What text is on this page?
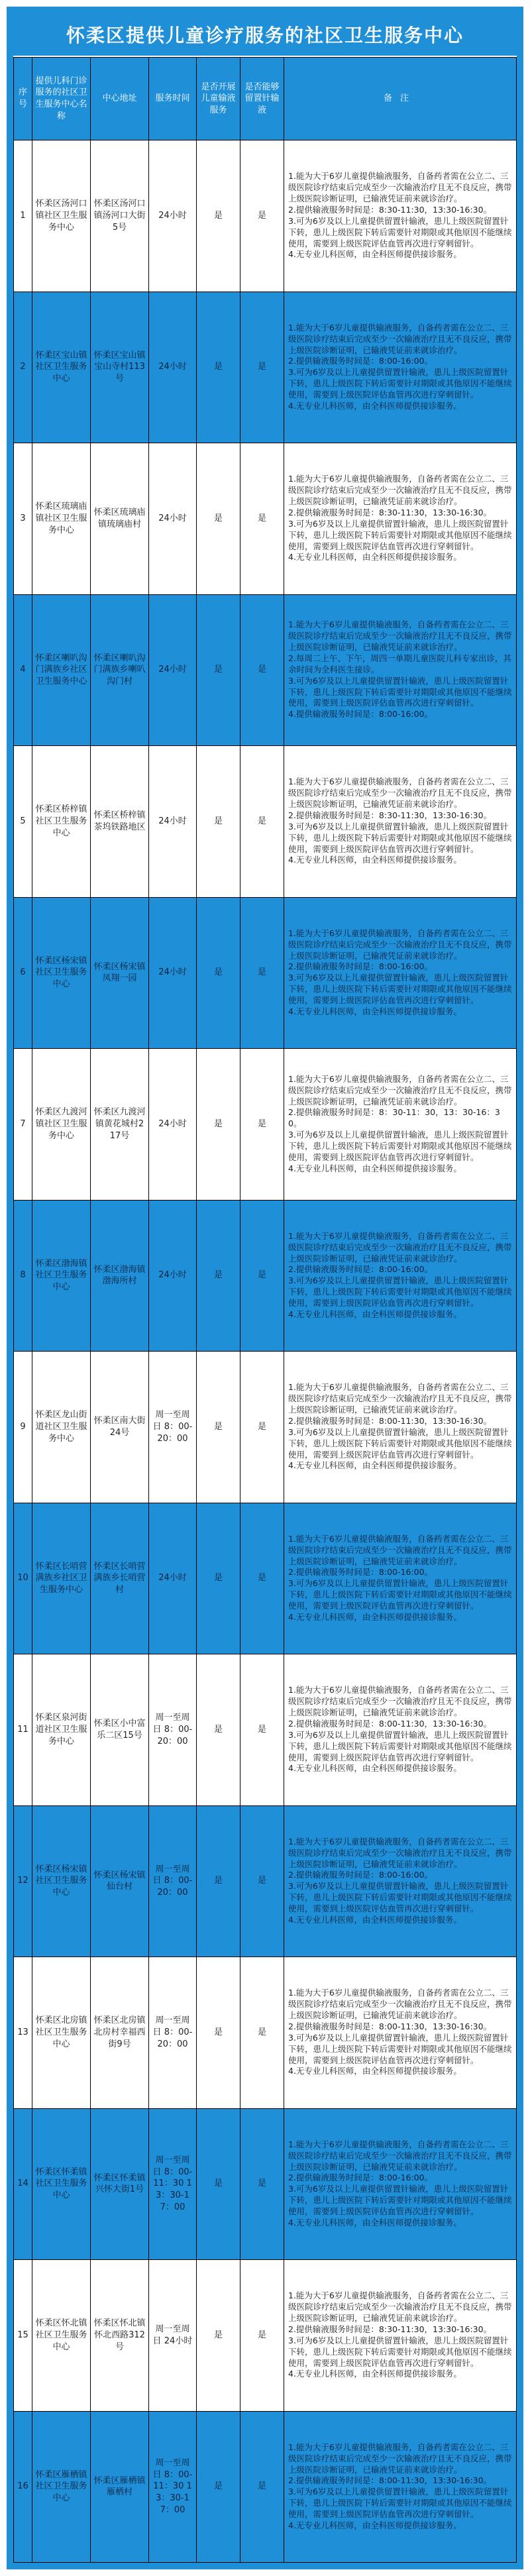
怀柔区提供儿童诊疗服务的社区卫生服务中心
序号	提供儿科门诊服务的社区卫生服务中心名称	中心地址	服务时间	是否开展儿童输液服务	是否能够留置针输液	备注
1	怀柔区汤河口镇社区卫生服务中心	怀柔区汤河口镇汤河口大街5号	24小时	是	是	1.能为大于6岁儿童提供输液服务，自备药者需在公立二、三级医院诊疗结束后完成至少一次输液治疗且无不良反应，携带上级医院诊断证明，已输液凭证前来就诊治疗。
2.提供输液服务时间是：8:30-11:30，13:30-16:30。
3.可为6岁及以上儿童提供留置针输液，患儿上级医院留置针下转，患儿上级医院下转后需要针对期限或其他原因不能继续使用，需要到上级医院评估血管再次进行穿刺留针。
4.无专业儿科医师，由全科医师提供接诊服务。

2	怀柔区宝山镇社区卫生服务中心	怀柔区宝山镇宝山寺村113号	24小时	是	是	1.能为大于6岁儿童提供输液服务，自备药者需在公立二、三级医院诊疗结束后完成至少一次输液治疗且无不良反应，携带上级医院诊断证明，已输液凭证前来就诊治疗。
2.提供输液服务时间是：8:00-16:00。
3.可为6岁及以上儿童提供留置针输液，患儿上级医院留置针下转，患儿上级医院下转后需要针对期限或其他原因不能继续使用，需要到上级医院评估血管再次进行穿刺留针。
4.无专业儿科医师，由全科医师提供接诊服务。

3	怀柔区琉璃庙镇社区卫生服务中心	怀柔区琉璃庙镇琉璃庙村	24小时	是	是	1.能为大于6岁儿童提供输液服务，自备药者需在公立二、三级医院诊疗结束后完成至少一次输液治疗且无不良反应，携带上级医院诊断证明，已输液凭证前来就诊治疗。
2.提供输液服务时间是：8:30-11:30，13:30-16:30。
3.可为6岁及以上儿童提供留置针输液，患儿上级医院留置针下转，患儿上级医院下转后需要针对期限或其他原因不能继续使用，需要到上级医院评估血管再次进行穿刺留针。
4.无专业儿科医师，由全科医师提供接诊服务。

4	怀柔区喇叭沟门满族乡社区卫生服务中心	怀柔区喇叭沟门满族乡喇叭沟门村	24小时	是	是	1.能为大于6岁儿童提供输液服务，自备药者需在公立二、三级医院诊疗结束后完成至少一次输液治疗且无不良反应，携带上级医院诊断证明，已输液凭证前来就诊治疗。
2.每周二上午、下午，周四一单期儿童医院儿科专家出诊，其余时间为全科医生接诊。
3.可为6岁及以上儿童提供留置针输液，患儿上级医院留置针下转，患儿上级医院下转后需要针对期限或其他原因不能继续使用，需要到上级医院评估血管再次进行穿刺留针。
4.提供输液服务时间是：8:00-16:00。

5	怀柔区桥梓镇社区卫生服务中心	怀柔区桥梓镇茶坞铁路地区	24小时	是	是	1.能为大于6岁儿童提供输液服务，自备药者需在公立二、三级医院诊疗结束后完成至少一次输液治疗且无不良反应，携带上级医院诊断证明，已输液凭证前来就诊治疗。
2.提供输液服务时间是：8:30-11:30，13:30-16:30。
3.可为6岁及以上儿童提供留置针输液，患儿上级医院留置针下转，患儿上级医院下转后需要针对期限或其他原因不能继续使用，需要到上级医院评估血管再次进行穿刺留针。
4.无专业儿科医师，由全科医师提供接诊服务。

6	怀柔区杨宋镇社区卫生服务中心	怀柔区杨宋镇凤翔一园	24小时	是	是	1.能为大于6岁儿童提供输液服务，自备药者需在公立二、三级医院诊疗结束后完成至少一次输液治疗且无不良反应，携带上级医院诊断证明，已输液凭证前来就诊治疗。
2.提供输液服务时间是：8:00-16:00。
3.可为6岁及以上儿童提供留置针输液，患儿上级医院留置针下转，患儿上级医院下转后需要针对期限或其他原因不能继续使用，需要到上级医院评估血管再次进行穿刺留针。
4.无专业儿科医师，由全科医师提供接诊服务。

7	怀柔区九渡河镇社区卫生服务中心	怀柔区九渡河镇黄花城村217号	24小时	是	是	1.能为大于6岁儿童提供输液服务，自备药者需在公立二、三级医院诊疗结束后完成至少一次输液治疗且无不良反应，携带上级医院诊断证明，已输液凭证前来就诊治疗。
2.提供输液服务时间是：8：30-11：30，13：30-16：30。
3.可为6岁及以上儿童提供留置针输液，患儿上级医院留置针下转，患儿上级医院下转后需要针对期限或其他原因不能继续使用，需要到上级医院评估血管再次进行穿刺留针。
4.无专业儿科医师，由全科医师提供接诊服务。

8	怀柔区渤海镇社区卫生服务中心	怀柔区渤海镇渤海所村	24小时	是	是	1.能为大于6岁儿童提供输液服务，自备药者需在公立二、三级医院诊疗结束后完成至少一次输液治疗且无不良反应，携带上级医院诊断证明，已输液凭证前来就诊治疗。
2.提供输液服务时间是：8:00-16:00。
3.可为6岁及以上儿童提供留置针输液，患儿上级医院留置针下转，患儿上级医院下转后需要针对期限或其他原因不能继续使用，需要到上级医院评估血管再次进行穿刺留针。
4.无专业儿科医师，由全科医师提供接诊服务。

9	怀柔区龙山街道社区卫生服务中心	怀柔区南大街24号	周一至周日 8：00-20：00	是	是	1.能为大于6岁儿童提供输液服务，自备药者需在公立二、三级医院诊疗结束后完成至少一次输液治疗且无不良反应，携带上级医院诊断证明，已输液凭证前来就诊治疗。
2.提供输液服务时间是：8:00-11:30，13:30-16:30。
3.可为6岁及以上儿童提供留置针输液，患儿上级医院留置针下转，患儿上级医院下转后需要针对期限或其他原因不能继续使用，需要到上级医院评估血管再次进行穿刺留针。
4.无专业儿科医师，由全科医师提供接诊服务。

10	怀柔区长哨营满族乡社区卫生服务中心	怀柔区长哨营满族乡长哨营村	24小时	是	是	1.能为大于6岁儿童提供输液服务，自备药者需在公立二、三级医院诊疗结束后完成至少一次输液治疗且无不良反应，携带上级医院诊断证明，已输液凭证前来就诊治疗。
2.提供输液服务时间是：8:00-16:00。
3.可为6岁及以上儿童提供留置针输液，患儿上级医院留置针下转，患儿上级医院下转后需要针对期限或其他原因不能继续使用，需要到上级医院评估血管再次进行穿刺留针。
4.无专业儿科医师，由全科医师提供接诊服务。

11	怀柔区泉河街道社区卫生服务中心	怀柔区小中富乐二区15号	周一至周日 8：00-20：00	是	是	1.能为大于6岁儿童提供输液服务，自备药者需在公立二、三级医院诊疗结束后完成至少一次输液治疗且无不良反应，携带上级医院诊断证明，已输液凭证前来就诊治疗。
2.提供输液服务时间是：8:00-11:30，13:30-16:30。
3.可为6岁及以上儿童提供留置针输液，患儿上级医院留置针下转，患儿上级医院下转后需要针对期限或其他原因不能继续使用，需要到上级医院评估血管再次进行穿刺留针。
4.无专业儿科医师，由全科医师提供接诊服务。

12	怀柔区杨宋镇社区卫生服务中心	怀柔区杨宋镇仙台村	周一至周日 8：00-20：00	是	是	1.能为大于6岁儿童提供输液服务，自备药者需在公立二、三级医院诊疗结束后完成至少一次输液治疗且无不良反应，携带上级医院诊断证明，已输液凭证前来就诊治疗。
2.提供输液服务时间是：8:00-16:00。
3.可为6岁及以上儿童提供留置针输液，患儿上级医院留置针下转，患儿上级医院下转后需要针对期限或其他原因不能继续使用，需要到上级医院评估血管再次进行穿刺留针。
4.无专业儿科医师，由全科医师提供接诊服务。

13	怀柔区北房镇社区卫生服务中心	怀柔区北房镇北房村幸福西街9号	周一至周日 8：00-20：00	是	是	1.能为大于6岁儿童提供输液服务，自备药者需在公立二、三级医院诊疗结束后完成至少一次输液治疗且无不良反应，携带上级医院诊断证明，已输液凭证前来就诊治疗。
2.提供输液服务时间是：8:00-11:30，13:30-16:30。
3.可为6岁及以上儿童提供留置针输液，患儿上级医院留置针下转，患儿上级医院下转后需要针对期限或其他原因不能继续使用，需要到上级医院评估血管再次进行穿刺留针。
4.无专业儿科医师，由全科医师提供接诊服务。

14	怀柔区怀柔镇社区卫生服务中心	怀柔区怀柔镇兴怀大街1号	周一至周日 8：00-11：30 13：30-17：00	是	是	1.能为大于6岁儿童提供输液服务，自备药者需在公立二、三级医院诊疗结束后完成至少一次输液治疗且无不良反应，携带上级医院诊断证明，已输液凭证前来就诊治疗。
2.提供输液服务时间是：8:00-16:00。
3.可为6岁及以上儿童提供留置针输液，患儿上级医院留置针下转，患儿上级医院下转后需要针对期限或其他原因不能继续使用，需要到上级医院评估血管再次进行穿刺留针。
4.无专业儿科医师，由全科医师提供接诊服务。

15	怀柔区怀北镇社区卫生服务中心	怀柔区怀北镇怀北西路312号	周一至周日 24小时	是	是	1.能为大于6岁儿童提供输液服务，自备药者需在公立二、三级医院诊疗结束后完成至少一次输液治疗且无不良反应，携带上级医院诊断证明，已输液凭证前来就诊治疗。
2.提供输液服务时间是：8:30-11:30，13:30-16:30。
3.可为6岁及以上儿童提供留置针输液，患儿上级医院留置针下转，患儿上级医院下转后需要针对期限或其他原因不能继续使用，需要到上级医院评估血管再次进行穿刺留针。
4.无专业儿科医师，由全科医师提供接诊服务。

16	怀柔区雁栖镇社区卫生服务中心	怀柔区雁栖镇雁栖村	周一至周日 8：00-11：30 13：30-17：00	是	是	1.能为大于6岁儿童提供输液服务，自备药者需在公立二、三级医院诊疗结束后完成至少一次输液治疗且无不良反应，携带上级医院诊断证明，已输液凭证前来就诊治疗。
2.提供输液服务时间是：8:00-11:30，13:30-16:30。
3.可为6岁及以上儿童提供留置针输液，患儿上级医院留置针下转，患儿上级医院下转后需要针对期限或其他原因不能继续使用，需要到上级医院评估血管再次进行穿刺留针。
4.无专业儿科医师，由全科医师提供接诊服务。
